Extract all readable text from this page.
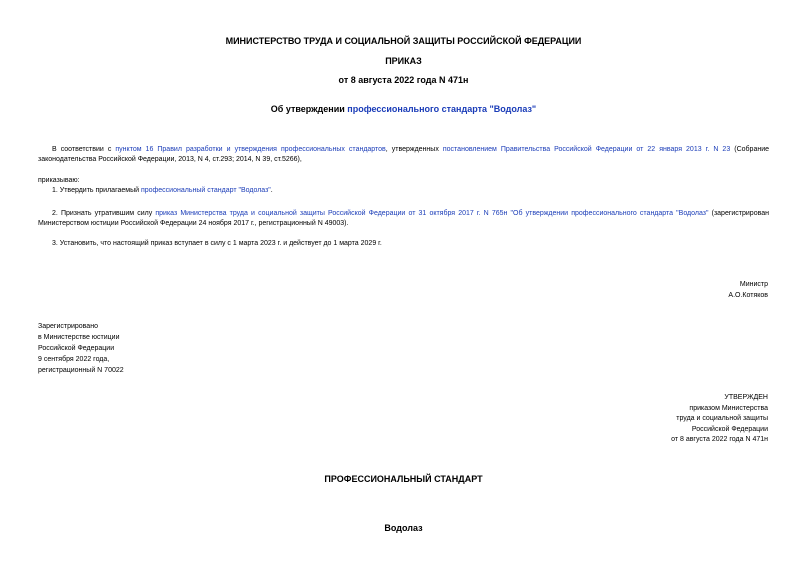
МИНИСТЕРСТВО ТРУДА И СОЦИАЛЬНОЙ ЗАЩИТЫ РОССИЙСКОЙ ФЕДЕРАЦИИ
ПРИКАЗ
от 8 августа 2022 года N 471н
Об утверждении профессионального стандарта "Водолаз"
В соответствии с пунктом 16 Правил разработки и утверждения профессиональных стандартов, утвержденных постановлением Правительства Российской Федерации от 22 января 2013 г. N 23 (Собрание законодательства Российской Федерации, 2013, N 4, ст.293; 2014, N 39, ст.5266),
приказываю:
1. Утвердить прилагаемый профессиональный стандарт "Водолаз".
2. Признать утратившим силу приказ Министерства труда и социальной защиты Российской Федерации от 31 октября 2017 г. N 765н "Об утверждении профессионального стандарта "Водолаз" (зарегистрирован Министерством юстиции Российской Федерации 24 ноября 2017 г., регистрационный N 49003).
3. Установить, что настоящий приказ вступает в силу с 1 марта 2023 г. и действует до 1 марта 2029 г.
Министр
А.О.Котяков
Зарегистрировано
в Министерстве юстиции
Российской Федерации
9 сентября 2022 года,
регистрационный N 70022
УТВЕРЖДЕН
приказом Министерства
труда и социальной защиты
Российской Федерации
от 8 августа 2022 года N 471н
ПРОФЕССИОНАЛЬНЫЙ СТАНДАРТ
Водолаз
